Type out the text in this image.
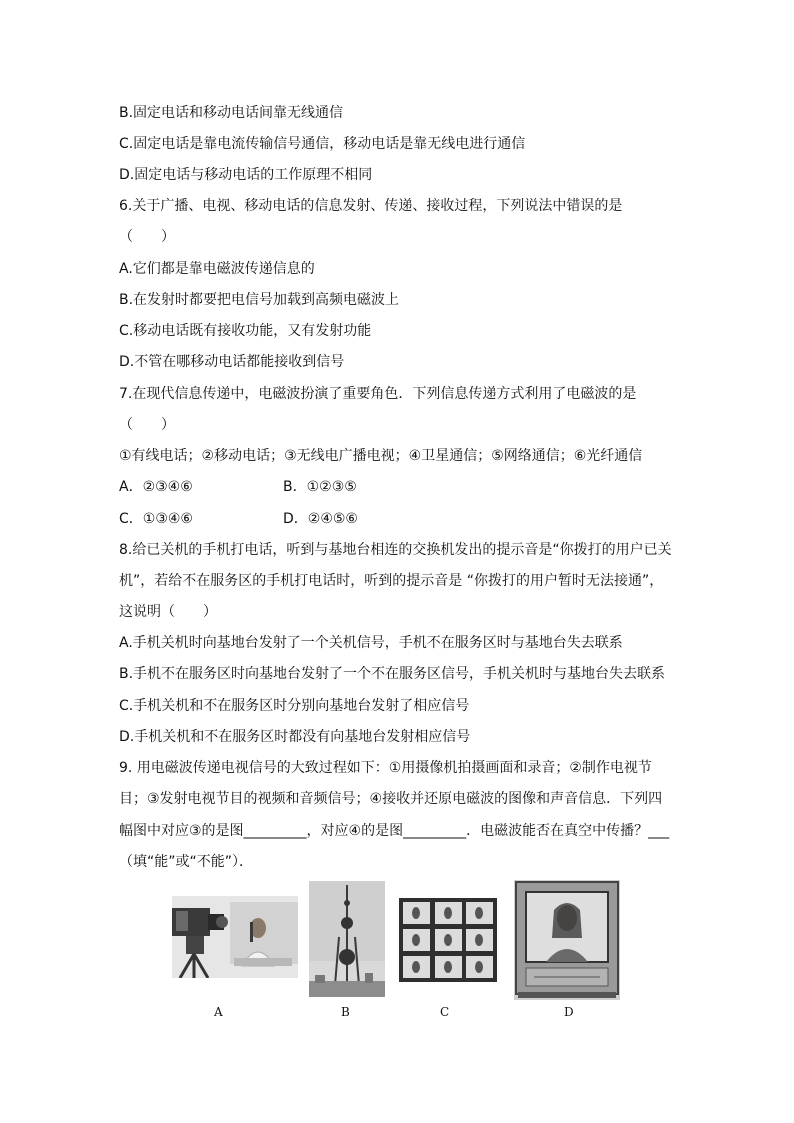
B.固定电话和移动电话间靠无线通信
C.固定电话是靠电流传输信号通信，移动电话是靠无线电进行通信
D.固定电话与移动电话的工作原理不相同
6.关于广播、电视、移动电话的信息发射、传递、接收过程，下列说法中错误的是
（　　）
A.它们都是靠电磁波传递信息的
B.在发射时都要把电信号加载到高频电磁波上
C.移动电话既有接收功能，又有发射功能
D.不管在哪移动电话都能接收到信号
7.在现代信息传递中，电磁波扮演了重要角色．下列信息传递方式利用了电磁波的是
（　　）
①有线电话；②移动电话；③无线电广播电视；④卫星通信；⑤网络通信；⑥光纤通信
A．②③④⑥	B．①②③⑤
C．①③④⑥	D．②④⑤⑥
8.给已关机的手机打电话，听到与基地台相连的交换机发出的提示音是“你拨打的用户已关
机”，若给不在服务区的手机打电话时，听到的提示音是 “你拨打的用户暂时无法接通”，
这说明（　　）
A.手机关机时向基地台发射了一个关机信号，手机不在服务区时与基地台失去联系
B.手机不在服务区时向基地台发射了一个不在服务区信号，手机关机时与基地台失去联系
C.手机关机和不在服务区时分别向基地台发射了相应信号
D.手机关机和不在服务区时都没有向基地台发射相应信号
9. 用电磁波传递电视信号的大致过程如下：①用摄像机拍摄画面和录音；②制作电视节
目；③发射电视节目的视频和音频信号；④接收并还原电磁波的图像和声音信息．下列四
幅图中对应③的是图_________，对应④的是图_________．电磁波能否在真空中传播？___
（填“能”或“不能”）．
A	B	C	D
